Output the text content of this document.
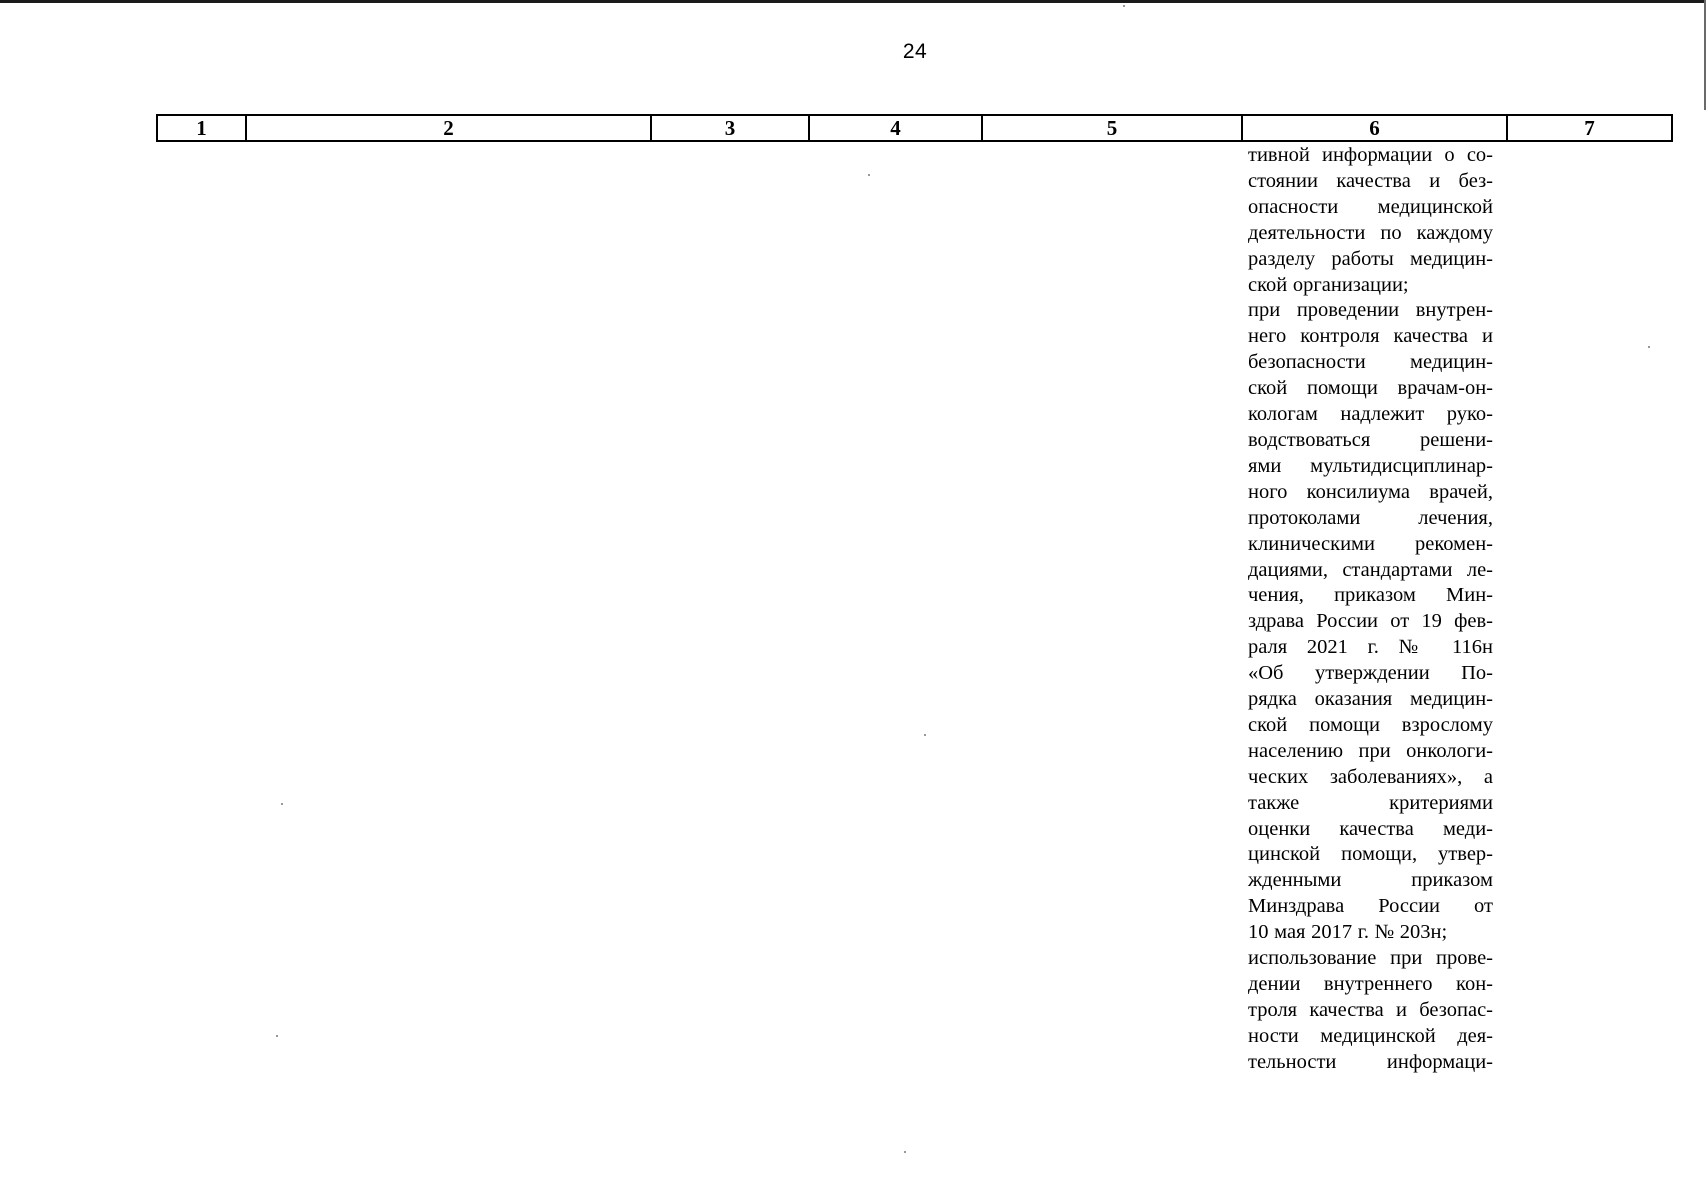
24
1	2	3	4	5	6	7
тивной информации о со-
стоянии качества и без-
опасности медицинской
деятельности по каждому
разделу работы медицин-
ской организации;
при проведении внутрен-
него контроля качества и
безопасности медицин-
ской помощи врачам-он-
кологам надлежит руко-
водствоваться решени-
ями мультидисциплинар-
ного консилиума врачей,
протоколами лечения,
клиническими рекомен-
дациями, стандартами ле-
чения, приказом Мин-
здрава России от 19 фев-
раля 2021 г. № 116н
«Об утверждении По-
рядка оказания медицин-
ской помощи взрослому
населению при онкологи-
ческих заболеваниях», а
также критериями
оценки качества меди-
цинской помощи, утвер-
жденными приказом
Минздрава России от
10 мая 2017 г. № 203н;
использование при прове-
дении внутреннего кон-
троля качества и безопас-
ности медицинской дея-
тельности информаци-
